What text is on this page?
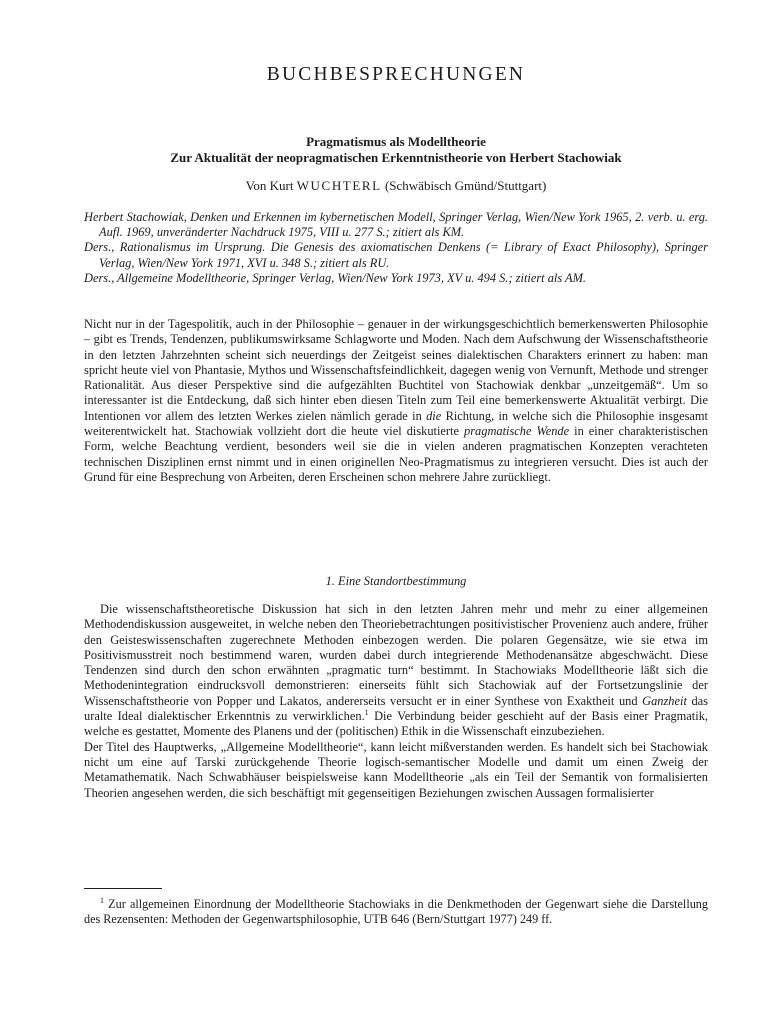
BUCHBESPRECHUNGEN
Pragmatismus als Modelltheorie
Zur Aktualität der neopragmatischen Erkenntnistheorie von Herbert Stachowiak
Von Kurt WUCHTERL (Schwäbisch Gmünd/Stuttgart)

Herbert Stachowiak, Denken und Erkennen im kybernetischen Modell, Springer Verlag, Wien/New York 1965, 2. verb. u. erg. Aufl. 1969, unveränderter Nachdruck 1975, VIII u. 277 S.; zitiert als KM.

Ders., Rationalismus im Ursprung. Die Genesis des axiomatischen Denkens (= Library of Exact Philosophy), Springer Verlag, Wien/New York 1971, XVI u. 348 S.; zitiert als RU.

Ders., Allgemeine Modelltheorie, Springer Verlag, Wien/New York 1973, XV u. 494 S.; zitiert als AM.

Nicht nur in der Tagespolitik, auch in der Philosophie – genauer in der wirkungsgeschichtlich bemerkenswerten Philosophie – gibt es Trends, Tendenzen, publikumswirksame Schlagworte und Moden. Nach dem Aufschwung der Wissenschaftstheorie in den letzten Jahrzehnten scheint sich neuerdings der Zeitgeist seines dialektischen Charakters erinnert zu haben: man spricht heute viel von Phantasie, Mythos und Wissenschaftsfeindlichkeit, dagegen wenig von Vernunft, Methode und strenger Rationalität. Aus dieser Perspektive sind die aufgezählten Buchtitel von Stachowiak denkbar „unzeitgemäß“. Um so interessanter ist die Entdeckung, daß sich hinter eben diesen Titeln zum Teil eine bemerkenswerte Aktualität verbirgt. Die Intentionen vor allem des letzten Werkes zielen nämlich gerade in die Richtung, in welche sich die Philosophie insgesamt weiterentwickelt hat. Stachowiak vollzieht dort die heute viel diskutierte pragmatische Wende in einer charakteristischen Form, welche Beachtung verdient, besonders weil sie die in vielen anderen pragmatischen Konzepten verachteten technischen Disziplinen ernst nimmt und in einen originellen Neo-Pragmatismus zu integrieren versucht. Dies ist auch der Grund für eine Besprechung von Arbeiten, deren Erscheinen schon mehrere Jahre zurückliegt.

1. Eine Standortbestimmung

Die wissenschaftstheoretische Diskussion hat sich in den letzten Jahren mehr und mehr zu einer allgemeinen Methodendiskussion ausgeweitet, in welche neben den Theoriebetrachtungen positivistischer Provenienz auch andere, früher den Geisteswissenschaften zugerechnete Methoden einbezogen werden. Die polaren Gegensätze, wie sie etwa im Positivismusstreit noch bestimmend waren, wurden dabei durch integrierende Methodenansätze abgeschwächt. Diese Tendenzen sind durch den schon erwähnten „pragmatic turn“ bestimmt. In Stachowiaks Modelltheorie läßt sich die Methodenintegration eindrucksvoll demonstrieren: einerseits fühlt sich Stachowiak auf der Fortsetzungslinie der Wissenschaftstheorie von Popper und Lakatos, andererseits versucht er in einer Synthese von Exaktheit und Ganzheit das uralte Ideal dialektischer Erkenntnis zu verwirklichen.$^1$ Die Verbindung beider geschieht auf der Basis einer Pragmatik, welche es gestattet, Momente des Planens und der (politischen) Ethik in die Wissenschaft einzubeziehen.

Der Titel des Hauptwerks, „Allgemeine Modelltheorie“, kann leicht mißverstanden werden. Es handelt sich bei Stachowiak nicht um eine auf Tarski zurückgehende Theorie logisch-semantischer Modelle und damit um einen Zweig der Metamathematik. Nach Schwabhäuser beispielsweise kann Modelltheorie „als ein Teil der Semantik von formalisierten Theorien angesehen werden, die sich beschäftigt mit gegenseitigen Beziehungen zwischen Aussagen formalisierter

$^1$ Zur allgemeinen Einordnung der Modelltheorie Stachowiaks in die Denkmethoden der Gegenwart siehe die Darstellung des Rezensenten: Methoden der Gegenwartsphilosophie, UTB 646 (Bern/Stuttgart 1977) 249 ff.
